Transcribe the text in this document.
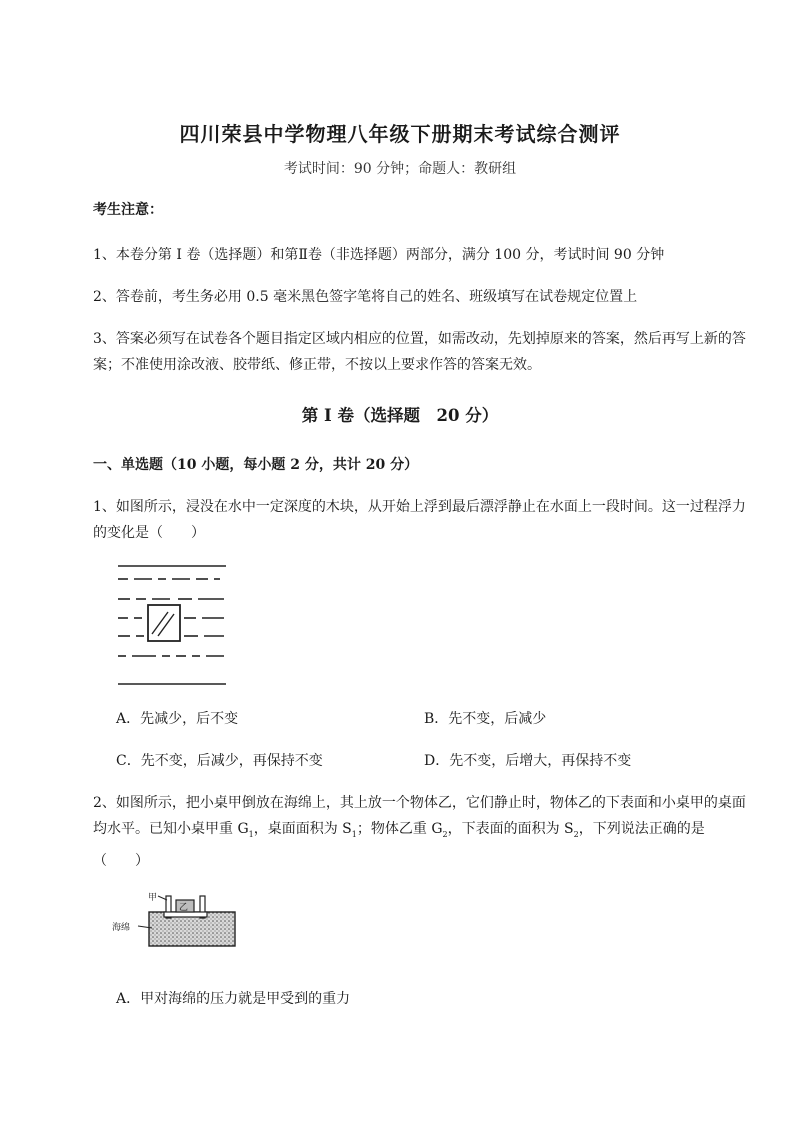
四川荣县中学物理八年级下册期末考试综合测评
考试时间：90 分钟；命题人：教研组
考生注意：
1、本卷分第 I 卷（选择题）和第Ⅱ卷（非选择题）两部分，满分 100 分，考试时间 90 分钟
2、答卷前，考生务必用 0.5 毫米黑色签字笔将自己的姓名、班级填写在试卷规定位置上
3、答案必须写在试卷各个题目指定区域内相应的位置，如需改动，先划掉原来的答案，然后再写上新的答案；不准使用涂改液、胶带纸、修正带，不按以上要求作答的答案无效。
第 I 卷（选择题　20 分）
一、单选题（10 小题，每小题 2 分，共计 20 分）
1、如图所示，浸没在水中一定深度的木块，从开始上浮到最后漂浮静止在水面上一段时间。这一过程浮力的变化是（　　）
A．先减少，后不变	B．先不变，后减少
C．先不变，后减少，再保持不变	D．先不变，后增大，再保持不变
2、如图所示，把小桌甲倒放在海绵上，其上放一个物体乙，它们静止时，物体乙的下表面和小桌甲的桌面均水平。已知小桌甲重 $G_1$，桌面面积为 $S_1$；物体乙重 $G_2$，下表面的面积为 $S_2$，下列说法正确的是（　　）
甲
乙
海绵
A．甲对海绵的压力就是甲受到的重力
